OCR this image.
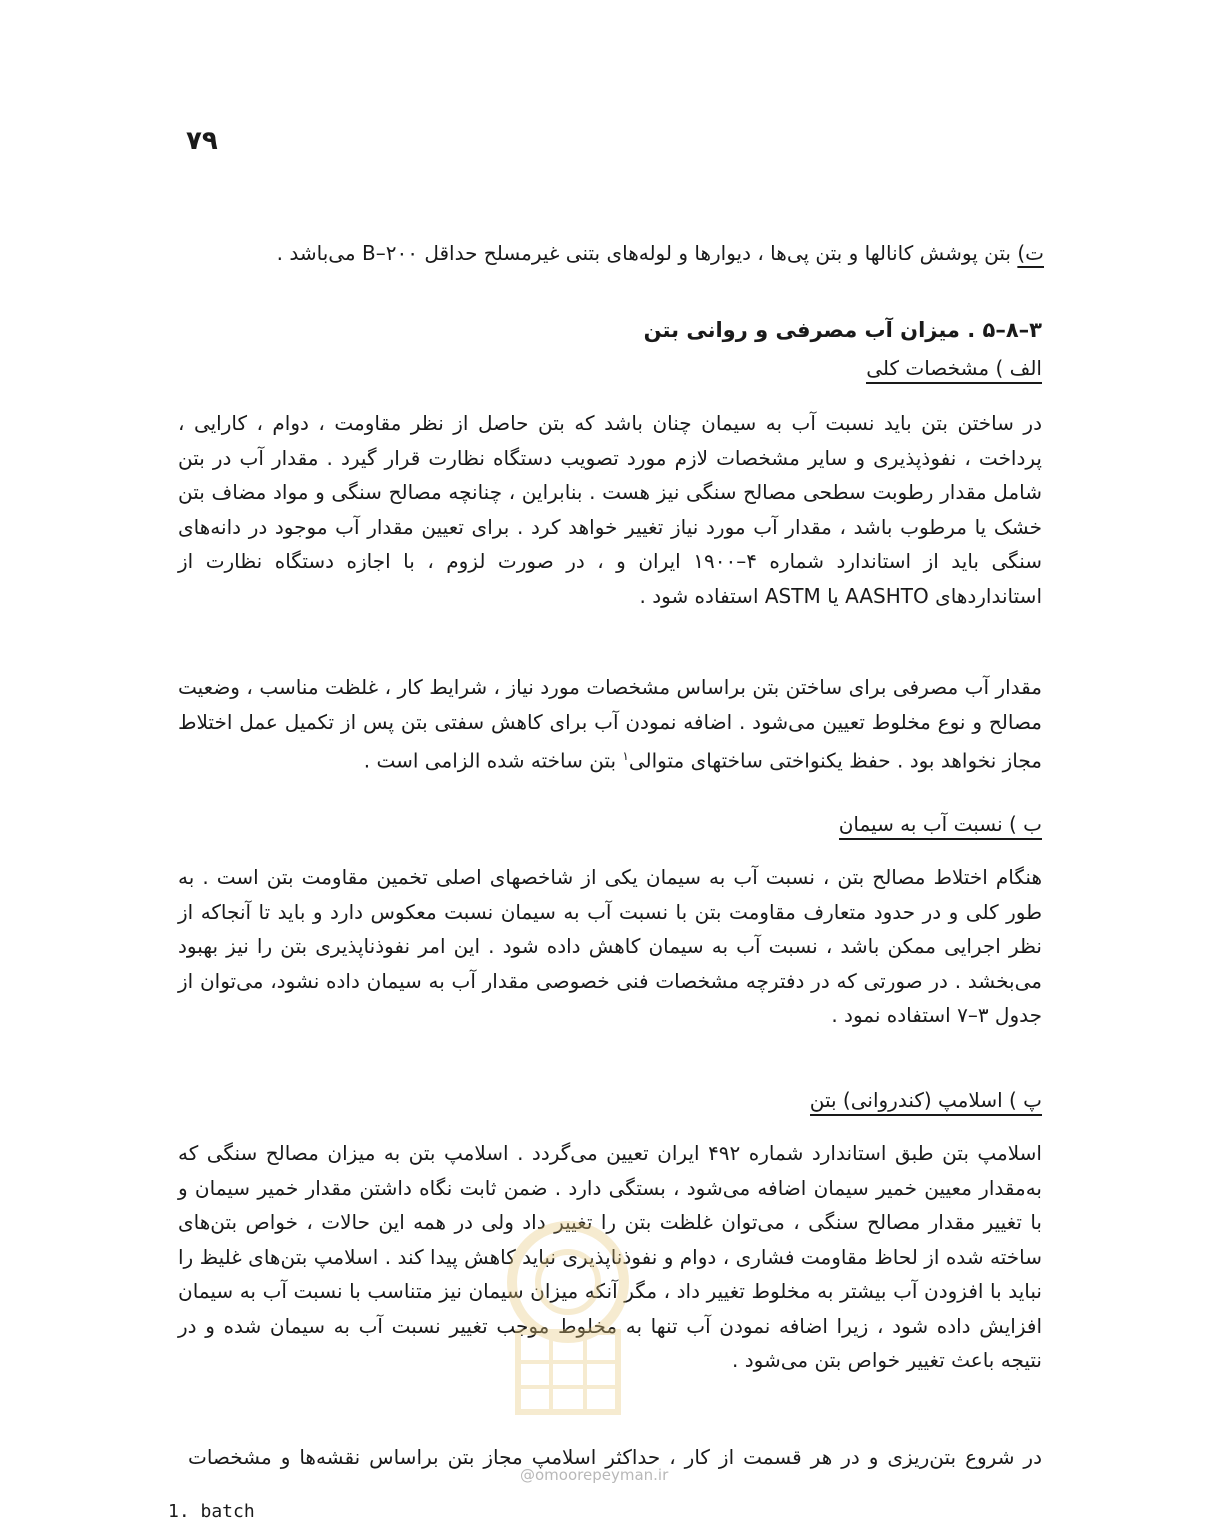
۷۹
ت) بتن پوشش کانالها و بتن پی‌ها ، دیوارها و لوله‌های بتنی غیرمسلح حداقل ۲۰۰–B می‌باشد .
۳–۸–۵ . میزان آب مصرفی و روانی بتن
الف ) مشخصات کلی
در ساختن بتن باید نسبت آب به سیمان چنان باشد که بتن حاصل از نظر مقاومت ، دوام ، کارایی ، پرداخت ، نفوذپذیری و سایر مشخصات لازم مورد تصویب دستگاه نظارت قرار گیرد . مقدار آب در بتن شامل مقدار رطوبت سطحی مصالح سنگی نیز هست . بنابراین ، چنانچه مصالح سنگی و مواد مضاف بتن خشک یا مرطوب باشد ، مقدار آب مورد نیاز تغییر خواهد کرد . برای تعیین مقدار آب موجود در دانه‌های سنگی باید از استاندارد شماره ۴–۱۹۰۰ ایران و ، در صورت لزوم ، با اجازه دستگاه نظارت از استانداردهای AASHTO یا ASTM استفاده شود .
مقدار آب مصرفی برای ساختن بتن براساس مشخصات مورد نیاز ، شرایط کار ، غلظت مناسب ، وضعیت مصالح و نوع مخلوط تعیین می‌شود . اضافه نمودن آب برای کاهش سفتی بتن پس از تکمیل عمل اختلاط مجاز نخواهد بود . حفظ یکنواختی ساختهای متوالی$^۱$ بتن ساخته شده الزامی است .
ب ) نسبت آب به سیمان
هنگام اختلاط مصالح بتن ، نسبت آب به سیمان یکی از شاخصهای اصلی تخمین مقاومت بتن است . به طور کلی و در حدود متعارف مقاومت بتن با نسبت آب به سیمان نسبت معکوس دارد و باید تا آنجاکه از نظر اجرایی ممکن باشد ، نسبت آب به سیمان کاهش داده شود . این امر نفوذناپذیری بتن را نیز بهبود می‌بخشد . در صورتی که در دفترچه مشخصات فنی خصوصی مقدار آب به سیمان داده نشود، می‌توان از جدول ۳–۷ استفاده نمود .
پ ) اسلامپ (کندروانی) بتن
اسلامپ بتن طبق استاندارد شماره ۴۹۲ ایران تعیین می‌گردد . اسلامپ بتن به میزان مصالح سنگی که به‌مقدار معیین خمیر سیمان اضافه می‌شود ، بستگی دارد . ضمن ثابت نگاه داشتن مقدار خمیر سیمان و با تغییر مقدار مصالح سنگی ، می‌توان غلظت بتن را تغییر داد ولی در همه این حالات ، خواص بتن‌های ساخته شده از لحاظ مقاومت فشاری ، دوام و نفوذناپذیری نباید کاهش پیدا کند . اسلامپ بتن‌های غلیظ را نباید با افزودن آب بیشتر به مخلوط تغییر داد ، مگر آنکه میزان سیمان نیز متناسب با نسبت آب به سیمان افزایش داده شود ، زیرا اضافه نمودن آب تنها به مخلوط موجب تغییر نسبت آب به سیمان شده و در نتیجه باعث تغییر خواص بتن می‌شود .
در شروع بتن‌ریزی و در هر قسمت از کار ، حداکثر اسلامپ مجاز بتن براساس نقشه‌ها و مشخصات
@omoorepeyman.ir
1. batch
